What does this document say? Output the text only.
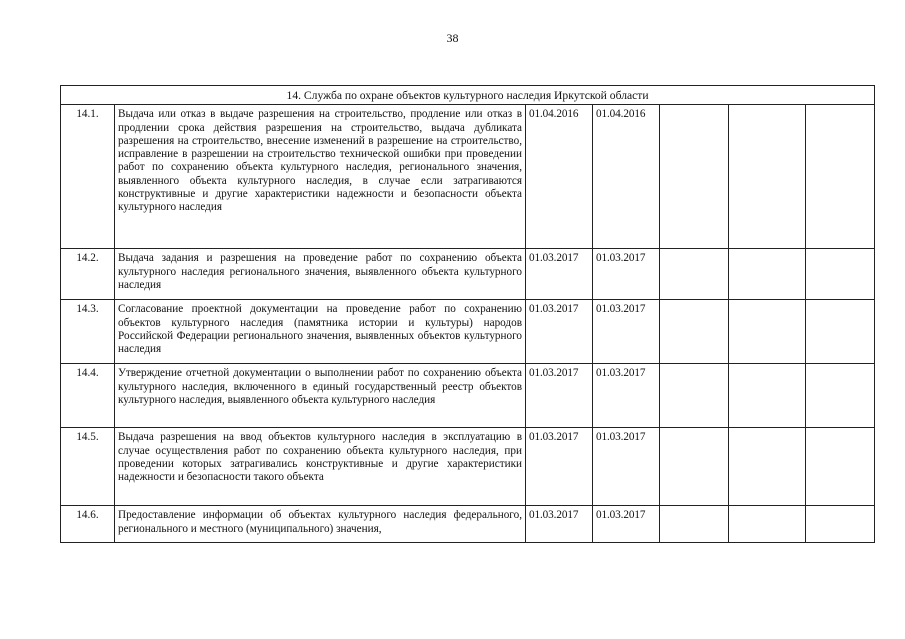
38
14. Служба по охране объектов культурного наследия Иркутской области						
14.1.	Выдача или отказ в выдаче разрешения на строительство, продление или отказ в продлении срока действия разрешения на строительство, выдача дубликата разрешения на строительство, внесение изменений в разрешение на строительство, исправление в разрешении на строительство технической ошибки при проведении работ по сохранению объекта культурного наследия, регионального значения, выявленного объекта культурного наследия, в случае если затрагиваются конструктивные и другие характеристики надежности и безопасности объекта культурного наследия	01.04.2016	01.04.2016			
14.2.	Выдача задания и разрешения на проведение работ по сохранению объекта культурного наследия регионального значения, выявленного объекта культурного наследия	01.03.2017	01.03.2017			
14.3.	Согласование проектной документации на проведение работ по сохранению объектов культурного наследия (памятника истории и культуры) народов Российской Федерации регионального значения, выявленных объектов культурного наследия	01.03.2017	01.03.2017			
14.4.	Утверждение отчетной документации о выполнении работ по сохранению объекта культурного наследия, включенного в единый государственный реестр объектов культурного наследия, выявленного объекта культурного наследия	01.03.2017	01.03.2017			
14.5.	Выдача разрешения на ввод объектов культурного наследия в эксплуатацию в случае осуществления работ по сохранению объекта культурного наследия, при проведении которых затрагивались конструктивные и другие характеристики надежности и безопасности такого объекта	01.03.2017	01.03.2017			
14.6.	Предоставление информации об объектах культурного наследия федерального, регионального и местного (муниципального) значения,	01.03.2017	01.03.2017			
